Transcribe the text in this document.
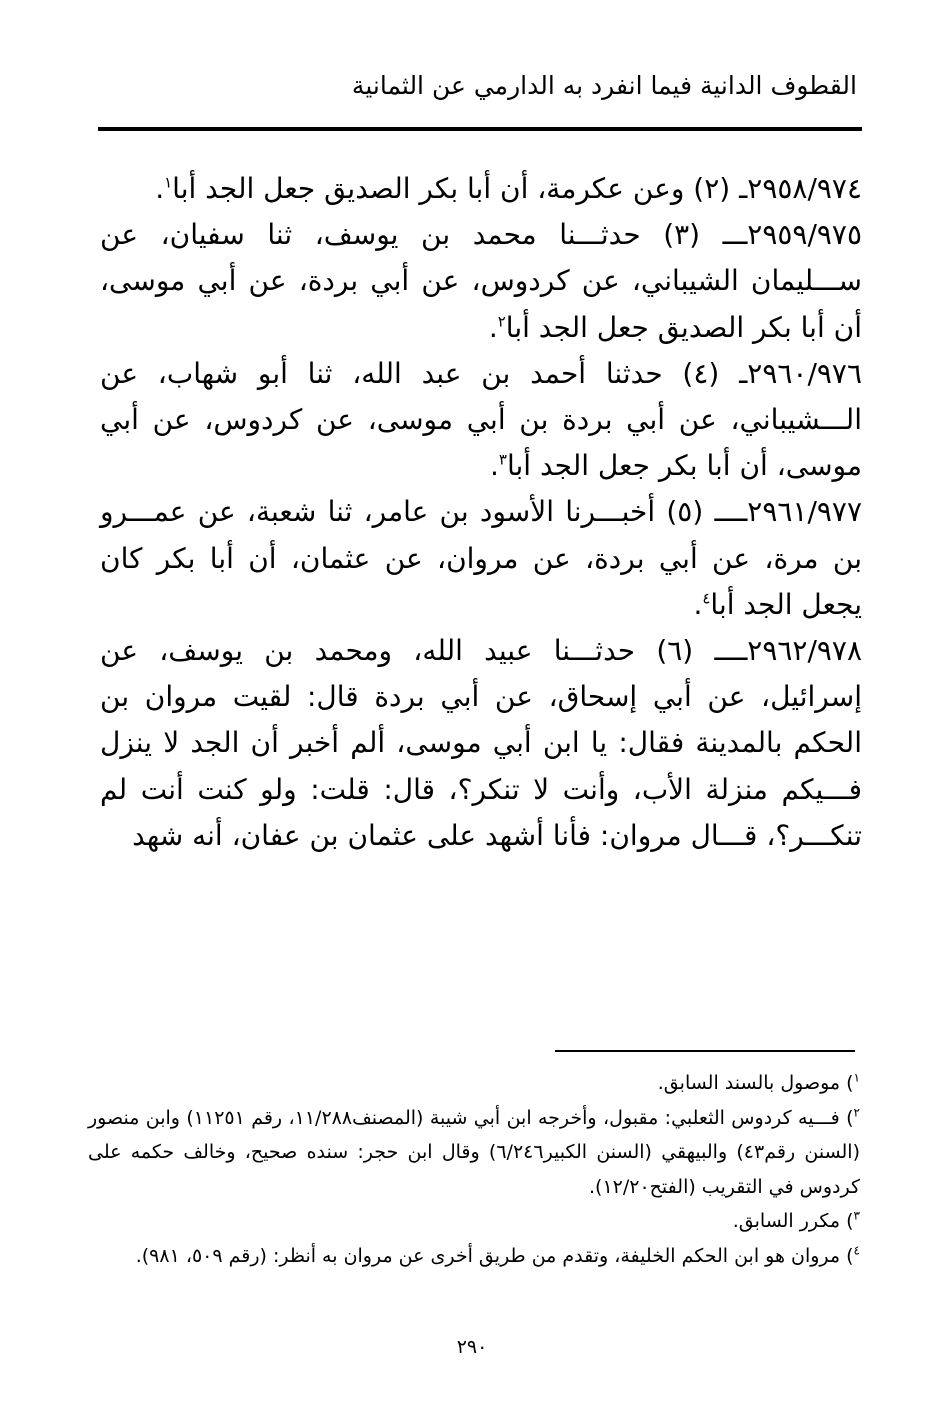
القطوف الدانية فيما انفرد به الدارمي عن الثمانية

٢٩٥٨/٩٧٤ـ (٢) وعن عكرمة، أن أبا بكر الصديق جعل الجد أبا$^١$.

٢٩٥٩/٩٧٥ـــ (٣) حدثـــنا محمد بن يوسف، ثنا سفيان، عن ســـليمان الشيباني، عن كردوس، عن أبي بردة، عن أبي موسى، أن أبا بكر الصديق جعل الجد أبا$^٢$.

٢٩٦٠/٩٧٦ـ (٤) حدثنا أحمد بن عبد الله، ثنا أبو شهاب، عن الـــشيباني، عن أبي بردة بن أبي موسى، عن كردوس، عن أبي موسى، أن أبا بكر جعل الجد أبا$^٣$.

٢٩٦١/٩٧٧ــــ (٥) أخبـــرنا الأسود بن عامر، ثنا شعبة، عن عمـــرو بن مرة، عن أبي بردة، عن مروان، عن عثمان، أن أبا بكر كان يجعل الجد أبا$^٤$.

٢٩٦٢/٩٧٨ــــ (٦) حدثـــنا عبيد الله، ومحمد بن يوسف، عن إسرائيل، عن أبي إسحاق، عن أبي بردة قال: لقيت مروان بن الحكم بالمدينة فقال: يا ابن أبي موسى، ألم أخبر أن الجد لا ينزل فـــيكم منزلة الأب، وأنت لا تنكر؟، قال: قلت: ولو كنت أنت لم تنكـــر؟، قـــال مروان: فأنا أشهد على عثمان بن عفان، أنه شهد

$^١$) موصول بالسند السابق.

$^٢$) فـــيه كردوس الثعلبي: مقبول، وأخرجه ابن أبي شيبة (المصنف١١/٢٨٨، رقم ١١٢٥١) وابن منصور (السنن رقم٤٣) والبيهقي (السنن الكبير٦/٢٤٦) وقال ابن حجر: سنده صحيح، وخالف حكمه على كردوس في التقريب (الفتح١٢/٢٠).

$^٣$) مكرر السابق.

$^٤$) مروان هو ابن الحكم الخليفة، وتقدم من طريق أخرى عن مروان به أنظر: (رقم ٥٠٩، ٩٨١).

٢٩٠
